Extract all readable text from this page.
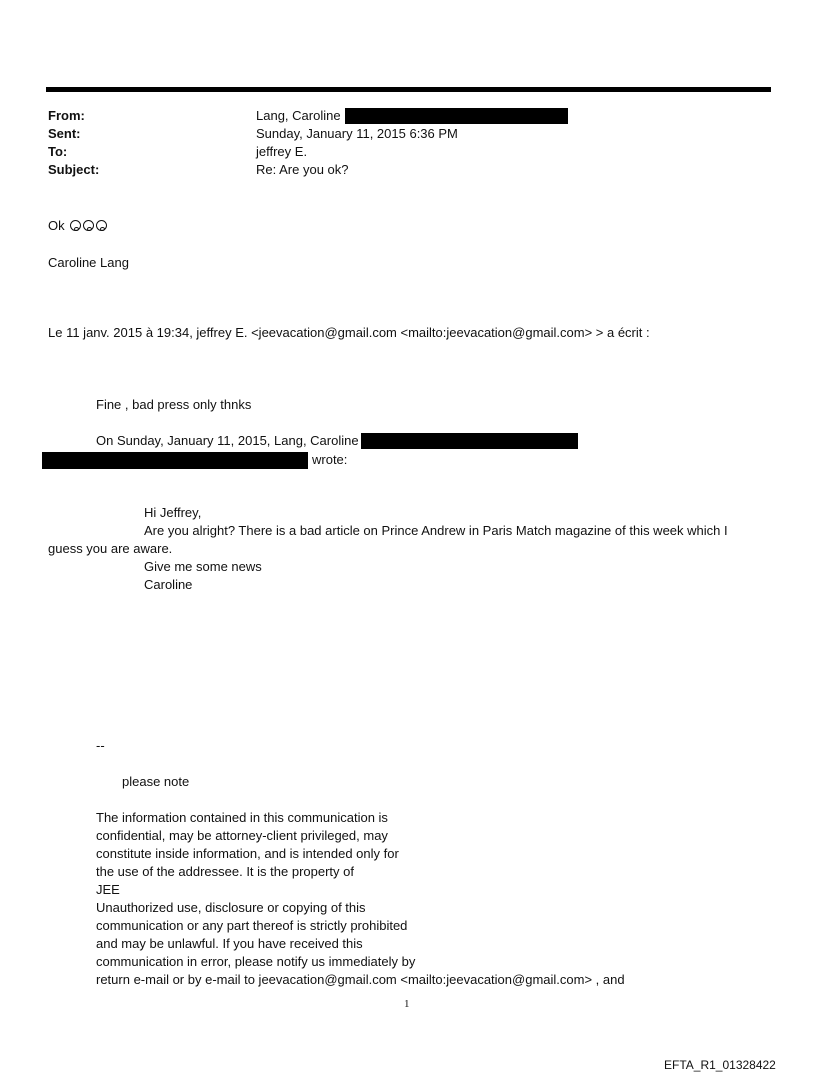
From:	Lang, Caroline
Sent:	Sunday, January 11, 2015 6:36 PM
To:	jeffrey E.
Subject:	Re: Are you ok?
Ok
Caroline Lang
Le 11 janv. 2015 à 19:34, jeffrey E. <jeevacation@gmail.com <mailto:jeevacation@gmail.com> > a écrit :
Fine , bad press only thnks
On Sunday, January 11, 2015, Lang, Caroline
wrote:
Hi Jeffrey,
Are you alright? There is a bad article on Prince Andrew in Paris Match magazine of this week which I
guess you are aware.
Give me some news
Caroline
--
please note
The information contained in this communication is
confidential, may be attorney-client privileged, may
constitute inside information, and is intended only for
the use of the addressee. It is the property of
JEE
Unauthorized use, disclosure or copying of this
communication or any part thereof is strictly prohibited
and may be unlawful. If you have received this
communication in error, please notify us immediately by
return e-mail or by e-mail to jeevacation@gmail.com <mailto:jeevacation@gmail.com> , and
1
EFTA_R1_01328422
